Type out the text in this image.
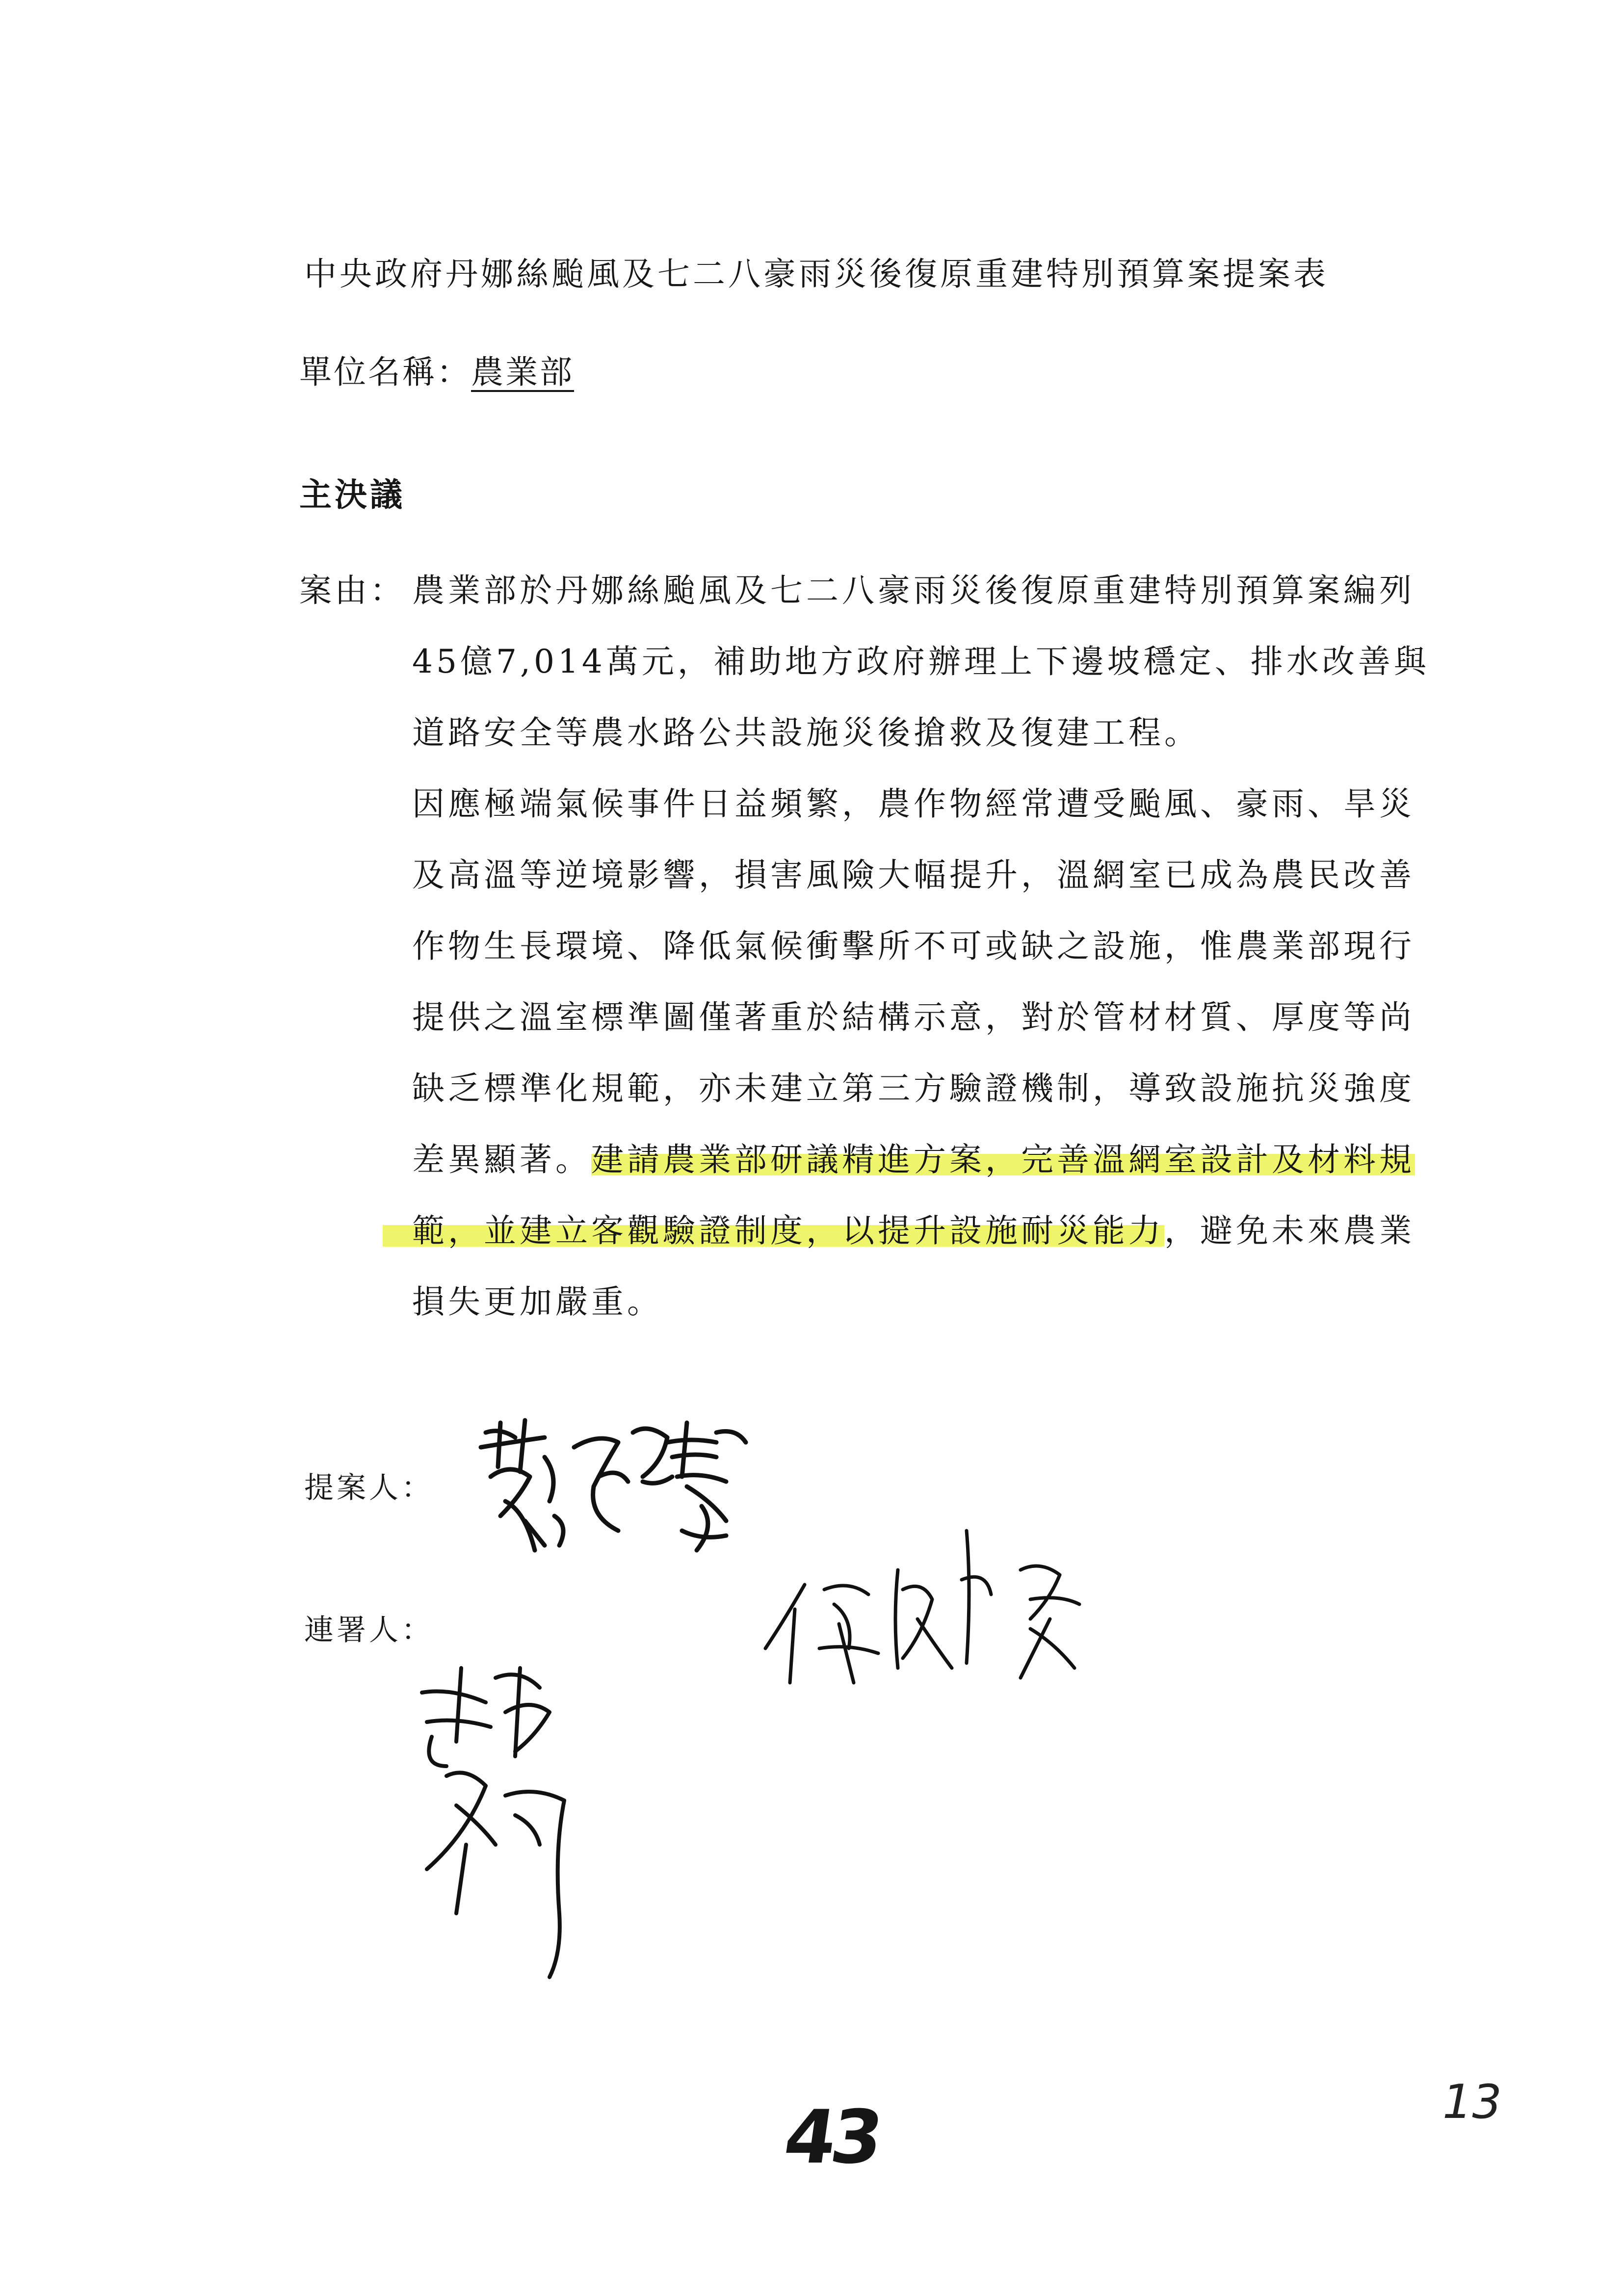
中央政府丹娜絲颱風及七二八豪雨災後復原重建特別預算案提案表
單位名稱：農業部
主決議
案由： 農業部於丹娜絲颱風及七二八豪雨災後復原重建特別預算案編列
45億7,014萬元，補助地方政府辦理上下邊坡穩定、排水改善與
道路安全等農水路公共設施災後搶救及復建工程。
因應極端氣候事件日益頻繁，農作物經常遭受颱風、豪雨、旱災
及高溫等逆境影響，損害風險大幅提升，溫網室已成為農民改善
作物生長環境、降低氣候衝擊所不可或缺之設施，惟農業部現行
提供之溫室標準圖僅著重於結構示意，對於管材材質、厚度等尚
缺乏標準化規範，亦未建立第三方驗證機制，導致設施抗災強度
差異顯著。建請農業部研議精進方案，完善溫網室設計及材料規
範，並建立客觀驗證制度，以提升設施耐災能力，避免未來農業
損失更加嚴重。
提案人：
連署人：
43	13
